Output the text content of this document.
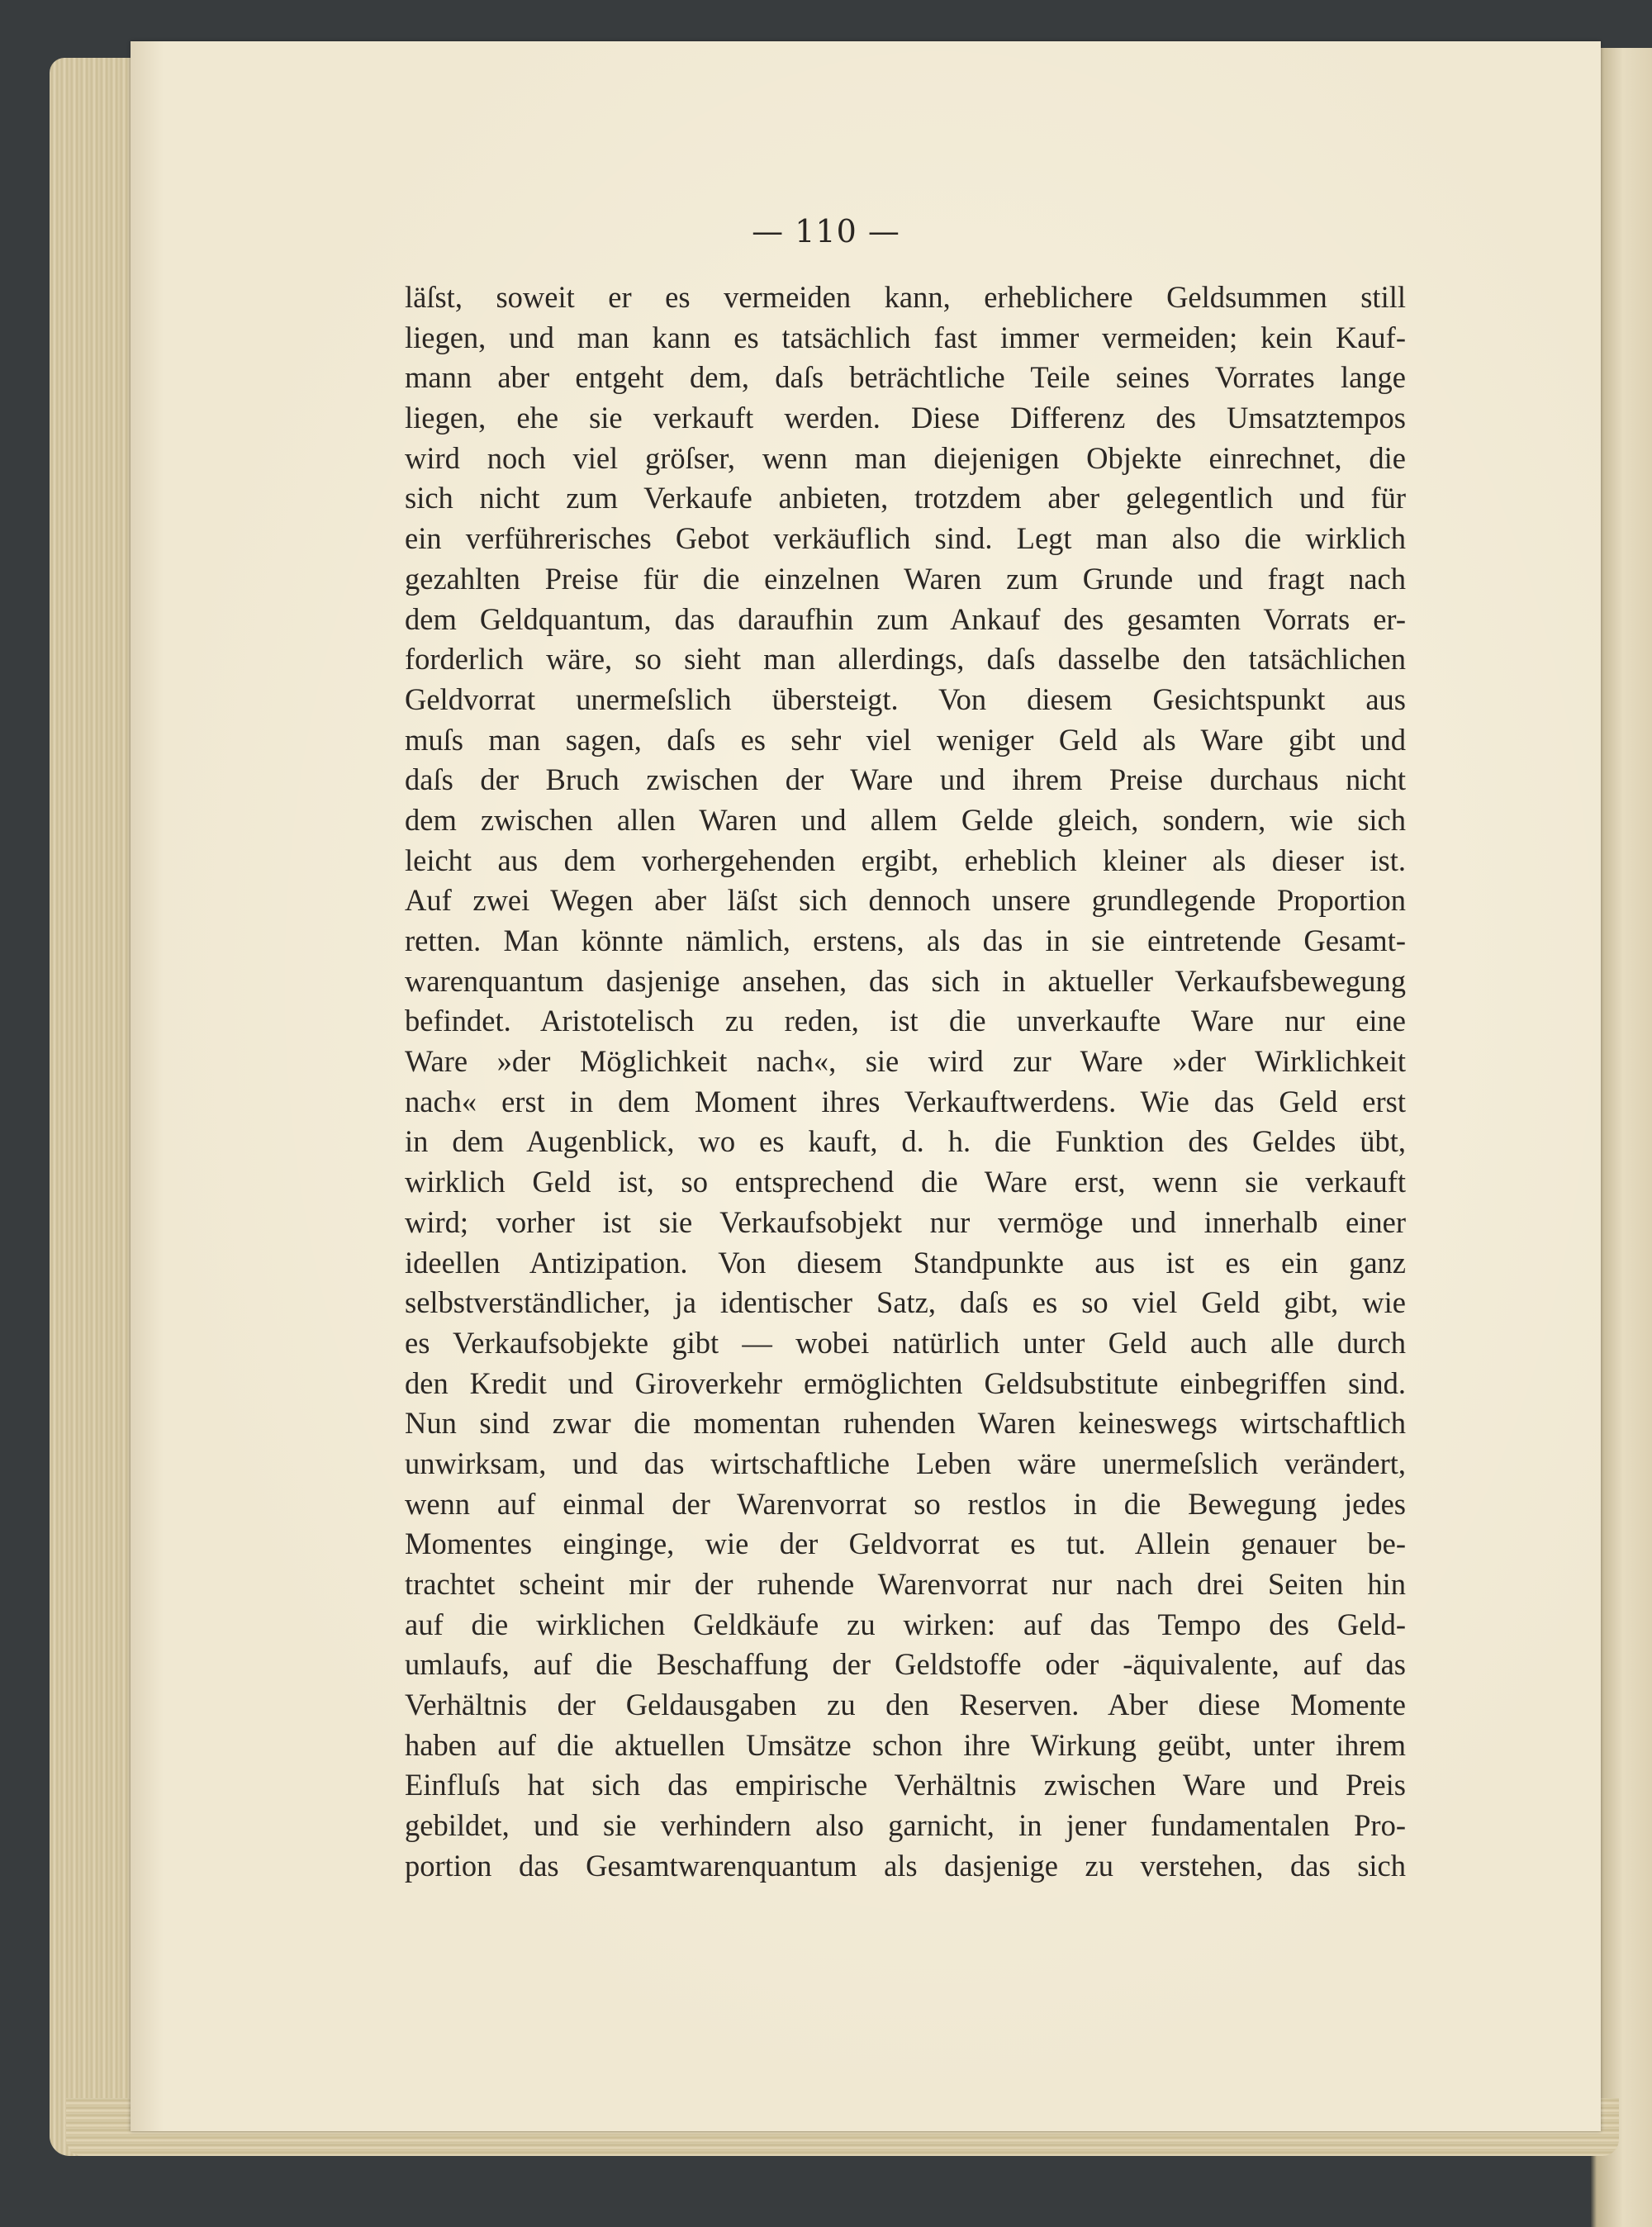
— 110 —
läſst, soweit er es vermeiden kann, erheblichere Geldsummen still
liegen, und man kann es tatsächlich fast immer vermeiden; kein Kauf-
mann aber entgeht dem, daſs beträchtliche Teile seines Vorrates lange
liegen, ehe sie verkauft werden. Diese Differenz des Umsatztempos
wird noch viel gröſser, wenn man diejenigen Objekte einrechnet, die
sich nicht zum Verkaufe anbieten, trotzdem aber gelegentlich und für
ein verführerisches Gebot verkäuflich sind. Legt man also die wirklich
gezahlten Preise für die einzelnen Waren zum Grunde und fragt nach
dem Geldquantum, das daraufhin zum Ankauf des gesamten Vorrats er-
forderlich wäre, so sieht man allerdings, daſs dasselbe den tatsächlichen
Geldvorrat unermeſslich übersteigt. Von diesem Gesichtspunkt aus
muſs man sagen, daſs es sehr viel weniger Geld als Ware gibt und
daſs der Bruch zwischen der Ware und ihrem Preise durchaus nicht
dem zwischen allen Waren und allem Gelde gleich, sondern, wie sich
leicht aus dem vorhergehenden ergibt, erheblich kleiner als dieser ist.
Auf zwei Wegen aber läſst sich dennoch unsere grundlegende Proportion
retten. Man könnte nämlich, erstens, als das in sie eintretende Gesamt-
warenquantum dasjenige ansehen, das sich in aktueller Verkaufsbewegung
befindet. Aristotelisch zu reden, ist die unverkaufte Ware nur eine
Ware »der Möglichkeit nach«, sie wird zur Ware »der Wirklichkeit
nach« erst in dem Moment ihres Verkauftwerdens. Wie das Geld erst
in dem Augenblick, wo es kauft, d. h. die Funktion des Geldes übt,
wirklich Geld ist, so entsprechend die Ware erst, wenn sie verkauft
wird; vorher ist sie Verkaufsobjekt nur vermöge und innerhalb einer
ideellen Antizipation. Von diesem Standpunkte aus ist es ein ganz
selbstverständlicher, ja identischer Satz, daſs es so viel Geld gibt, wie
es Verkaufsobjekte gibt — wobei natürlich unter Geld auch alle durch
den Kredit und Giroverkehr ermöglichten Geldsubstitute einbegriffen sind.
Nun sind zwar die momentan ruhenden Waren keineswegs wirtschaftlich
unwirksam, und das wirtschaftliche Leben wäre unermeſslich verändert,
wenn auf einmal der Warenvorrat so restlos in die Bewegung jedes
Momentes einginge, wie der Geldvorrat es tut. Allein genauer be-
trachtet scheint mir der ruhende Warenvorrat nur nach drei Seiten hin
auf die wirklichen Geldkäufe zu wirken: auf das Tempo des Geld-
umlaufs, auf die Beschaffung der Geldstoffe oder -äquivalente, auf das
Verhältnis der Geldausgaben zu den Reserven. Aber diese Momente
haben auf die aktuellen Umsätze schon ihre Wirkung geübt, unter ihrem
Einfluſs hat sich das empirische Verhältnis zwischen Ware und Preis
gebildet, und sie verhindern also garnicht, in jener fundamentalen Pro-
portion das Gesamtwarenquantum als dasjenige zu verstehen, das sich
